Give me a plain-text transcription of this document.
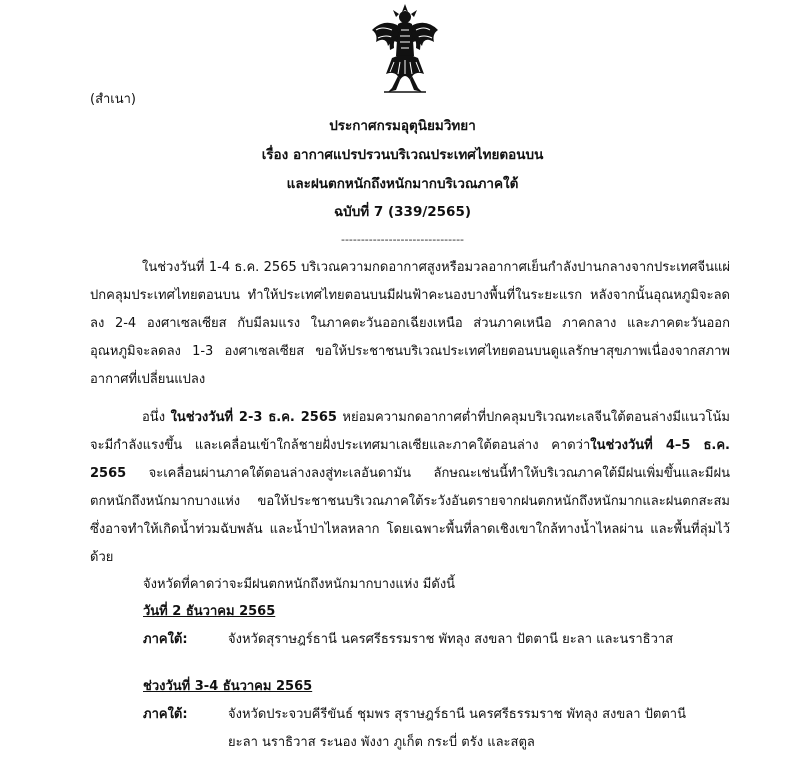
(สำเนา)
ประกาศกรมอุตุนิยมวิทยา
เรื่อง อากาศแปรปรวนบริเวณประเทศไทยตอนบน
และฝนตกหนักถึงหนักมากบริเวณภาคใต้
ฉบับที่ 7 (339/2565)
-------------------------------
ในช่วงวันที่ 1-4 ธ.ค. 2565 บริเวณความกดอากาศสูงหรือมวลอากาศเย็นกำลังปานกลางจากประเทศจีนแผ่ปกคลุมประเทศไทยตอนบน ทำให้ประเทศไทยตอนบนมีฝนฟ้าคะนองบางพื้นที่ในระยะแรก หลังจากนั้นอุณหภูมิจะลดลง 2-4 องศาเซลเซียส กับมีลมแรง ในภาคตะวันออกเฉียงเหนือ ส่วนภาคเหนือ ภาคกลาง และภาคตะวันออกอุณหภูมิจะลดลง 1-3 องศาเซลเซียส ขอให้ประชาชนบริเวณประเทศไทยตอนบนดูแลรักษาสุขภาพเนื่องจากสภาพอากาศที่เปลี่ยนแปลง
อนึ่ง ในช่วงวันที่ 2-3 ธ.ค. 2565 หย่อมความกดอากาศต่ำที่ปกคลุมบริเวณทะเลจีนใต้ตอนล่างมีแนวโน้มจะมีกำลังแรงขึ้น และเคลื่อนเข้าใกล้ชายฝั่งประเทศมาเลเซียและภาคใต้ตอนล่าง คาดว่าในช่วงวันที่ 4–5 ธ.ค. 2565 จะเคลื่อนผ่านภาคใต้ตอนล่างลงสู่ทะเลอันดามัน ลักษณะเช่นนี้ทำให้บริเวณภาคใต้มีฝนเพิ่มขึ้นและมีฝนตกหนักถึงหนักมากบางแห่ง ขอให้ประชาชนบริเวณภาคใต้ระวังอันตรายจากฝนตกหนักถึงหนักมากและฝนตกสะสมซึ่งอาจทำให้เกิดน้ำท่วมฉับพลัน และน้ำป่าไหลหลาก โดยเฉพาะพื้นที่ลาดเชิงเขาใกล้ทางน้ำไหลผ่าน และพื้นที่ลุ่มไว้ด้วย
จังหวัดที่คาดว่าจะมีฝนตกหนักถึงหนักมากบางแห่ง มีดังนี้
วันที่ 2 ธันวาคม 2565
ภาคใต้:	จังหวัดสุราษฎร์ธานี นครศรีธรรมราช พัทลุง สงขลา ปัตตานี ยะลา และนราธิวาส
ช่วงวันที่ 3-4 ธันวาคม 2565
ภาคใต้:	จังหวัดประจวบคีรีขันธ์ ชุมพร สุราษฎร์ธานี นครศรีธรรมราช พัทลุง สงขลา ปัตตานี
ยะลา นราธิวาส ระนอง พังงา ภูเก็ต กระบี่ ตรัง และสตูล
